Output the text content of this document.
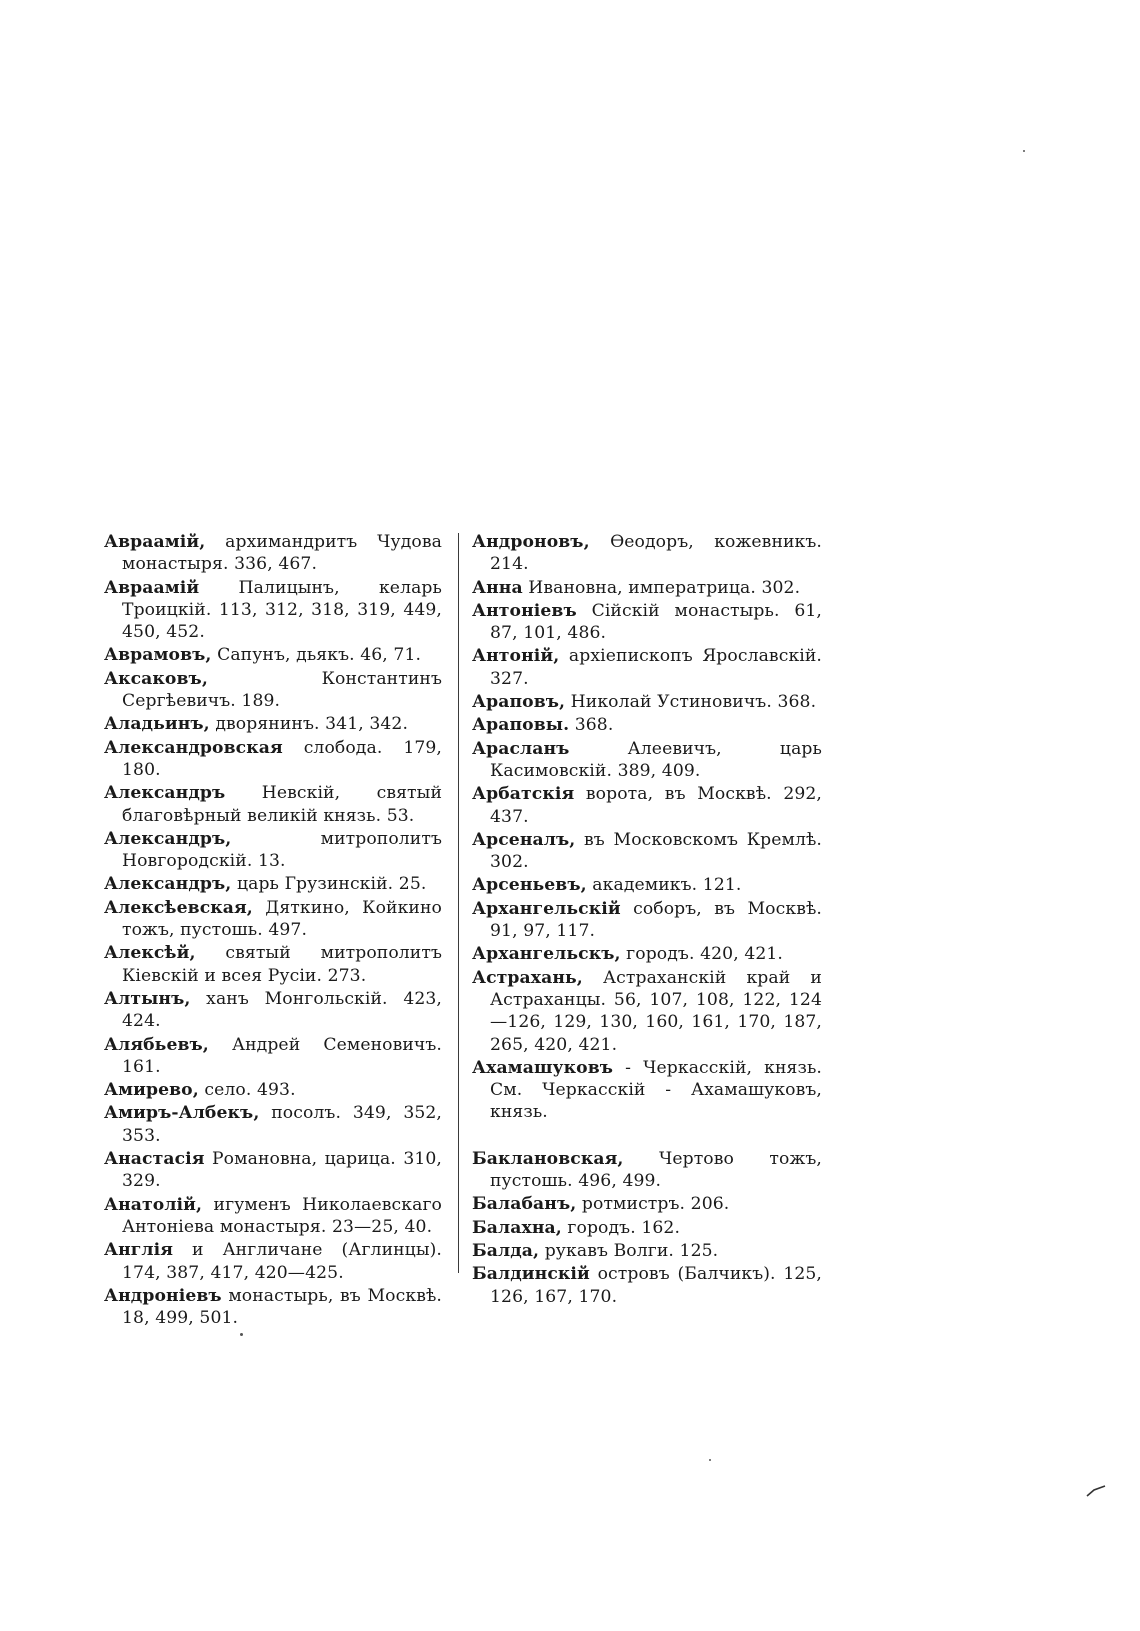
Авраамій, архимандритъ Чудова монастыря. 336, 467.

Авраамій Палицынъ, келарь Троицкій. 113, 312, 318, 319, 449, 450, 452.

Аврамовъ, Сапунъ, дьякъ. 46, 71.

Аксаковъ, Константинъ Сергѣевичъ. 189.

Аладьинъ, дворянинъ. 341, 342.

Александровская слобода. 179, 180.

Александръ Невскій, святый благовѣрный великій князь. 53.

Александръ, митрополитъ Новгородскій. 13.

Александръ, царь Грузинскій. 25.

Алексѣевская, Дяткино, Койкино тожъ, пустошь. 497.

Алексѣй, святый митрополитъ Кіевскій и всея Русіи. 273.

Алтынъ, ханъ Монгольскій. 423, 424.

Алябьевъ, Андрей Семеновичъ. 161.

Амирево, село. 493.

Амиръ-Албекъ, посолъ. 349, 352, 353.

Анастасія Романовна, царица. 310, 329.

Анатолій, игуменъ Николаевскаго Антоніева монастыря. 23—25, 40.

Англія и Англичане (Аглинцы). 174, 387, 417, 420—425.

Андроніевъ монастырь, въ Москвѣ. 18, 499, 501.

Андроновъ, Ѳеодоръ, кожевникъ. 214.

Анна Ивановна, императрица. 302.

Антоніевъ Сійскій монастырь. 61, 87, 101, 486.

Антоній, архіепископъ Ярославскій. 327.

Араповъ, Николай Устиновичъ. 368.

Араповы. 368.

Арасланъ Алеевичъ, царь Касимовскій. 389, 409.

Арбатскія ворота, въ Москвѣ. 292, 437.

Арсеналъ, въ Московскомъ Кремлѣ. 302.

Арсеньевъ, академикъ. 121.

Архангельскій соборъ, въ Москвѣ. 91, 97, 117.

Архангельскъ, городъ. 420, 421.

Астрахань, Астраханскій край и Астраханцы. 56, 107, 108, 122, 124—126, 129, 130, 160, 161, 170, 187, 265, 420, 421.

Ахамашуковъ - Черкасскій, князь. См. Черкасскій - Ахамашуковъ, князь.

Баклановская, Чертово тожъ, пустошь. 496, 499.

Балабанъ, ротмистръ. 206.

Балахна, городъ. 162.

Балда, рукавъ Волги. 125.

Балдинскій островъ (Балчикъ). 125, 126, 167, 170.
